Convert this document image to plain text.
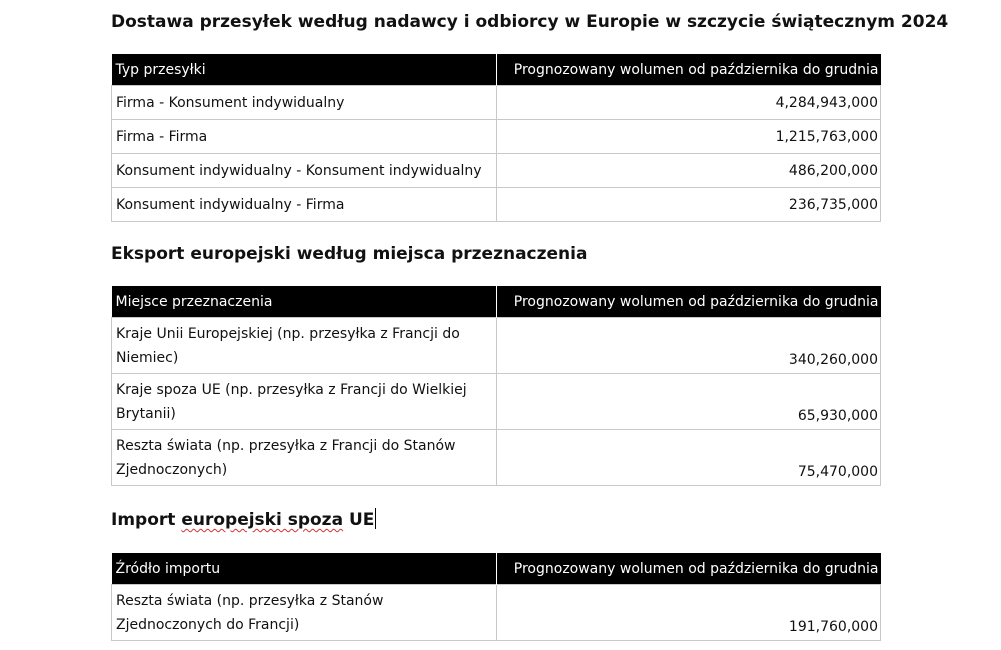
Dostawa przesyłek według nadawcy i odbiorcy w Europie w szczycie świątecznym 2024
Typ przesyłki	Prognozowany wolumen od października do grudnia
Firma - Konsument indywidualny	4,284,943,000
Firma - Firma	1,215,763,000
Konsument indywidualny - Konsument indywidualny	486,200,000
Konsument indywidualny - Firma	236,735,000
Eksport europejski według miejsca przeznaczenia
Miejsce przeznaczenia	Prognozowany wolumen od października do grudnia
Kraje Unii Europejskiej (np. przesyłka z Francji do Niemiec)	340,260,000
Kraje spoza UE (np. przesyłka z Francji do Wielkiej Brytanii)	65,930,000
Reszta świata (np. przesyłka z Francji do Stanów Zjednoczonych)	75,470,000
Import europejski spoza UE
Źródło importu	Prognozowany wolumen od października do grudnia
Reszta świata (np. przesyłka z Stanów Zjednoczonych do Francji)	191,760,000
